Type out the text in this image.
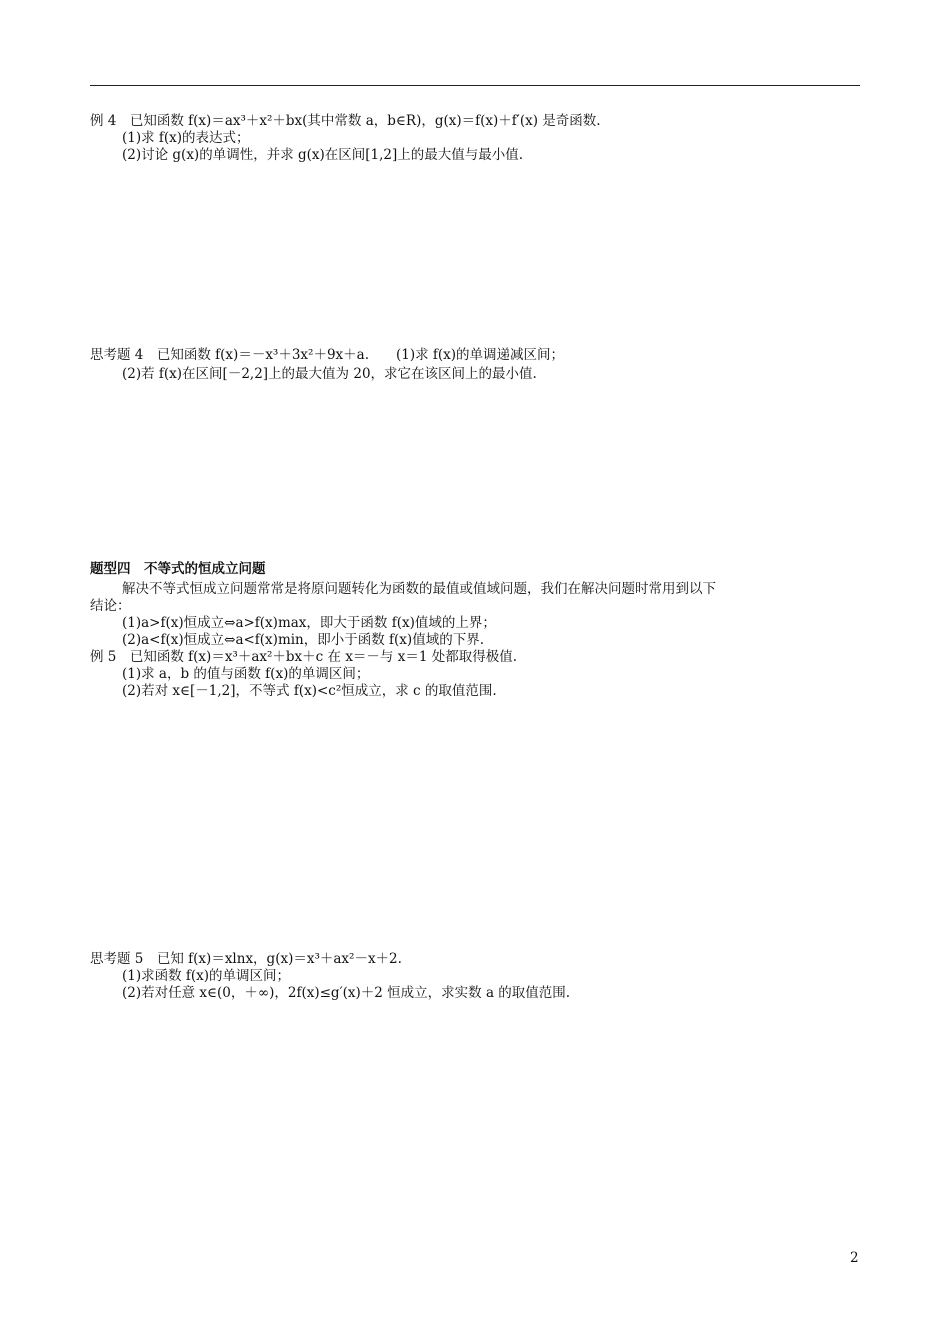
例 4　已知函数 f(x)＝ax³＋x²＋bx(其中常数 a，b∈R)，g(x)＝f(x)＋f′(x) 是奇函数.
(1)求 f(x)的表达式；
(2)讨论 g(x)的单调性，并求 g(x)在区间[1,2]上的最大值与最小值.
思考题 4　已知函数 f(x)＝－x³＋3x²＋9x＋a.　　(1)求 f(x)的单调递减区间；
(2)若 f(x)在区间[－2,2]上的最大值为 20，求它在该区间上的最小值.
题型四　不等式的恒成立问题
解决不等式恒成立问题常常是将原问题转化为函数的最值或值域问题，我们在解决问题时常用到以下
结论：
(1)a>f(x)恒成立⇔a>f(x)max，即大于函数 f(x)值域的上界；
(2)a<f(x)恒成立⇔a<f(x)min，即小于函数 f(x)值域的下界.
例 5　已知函数 f(x)＝x³＋ax²＋bx＋c 在 x＝－与 x＝1 处都取得极值.
(1)求 a，b 的值与函数 f(x)的单调区间；
(2)若对 x∈[－1,2]，不等式 f(x)<c²恒成立，求 c 的取值范围.
思考题 5　已知 f(x)＝xlnx，g(x)＝x³＋ax²－x＋2.
(1)求函数 f(x)的单调区间；
(2)若对任意 x∈(0，＋∞)，2f(x)≤g′(x)＋2 恒成立，求实数 a 的取值范围.
2
